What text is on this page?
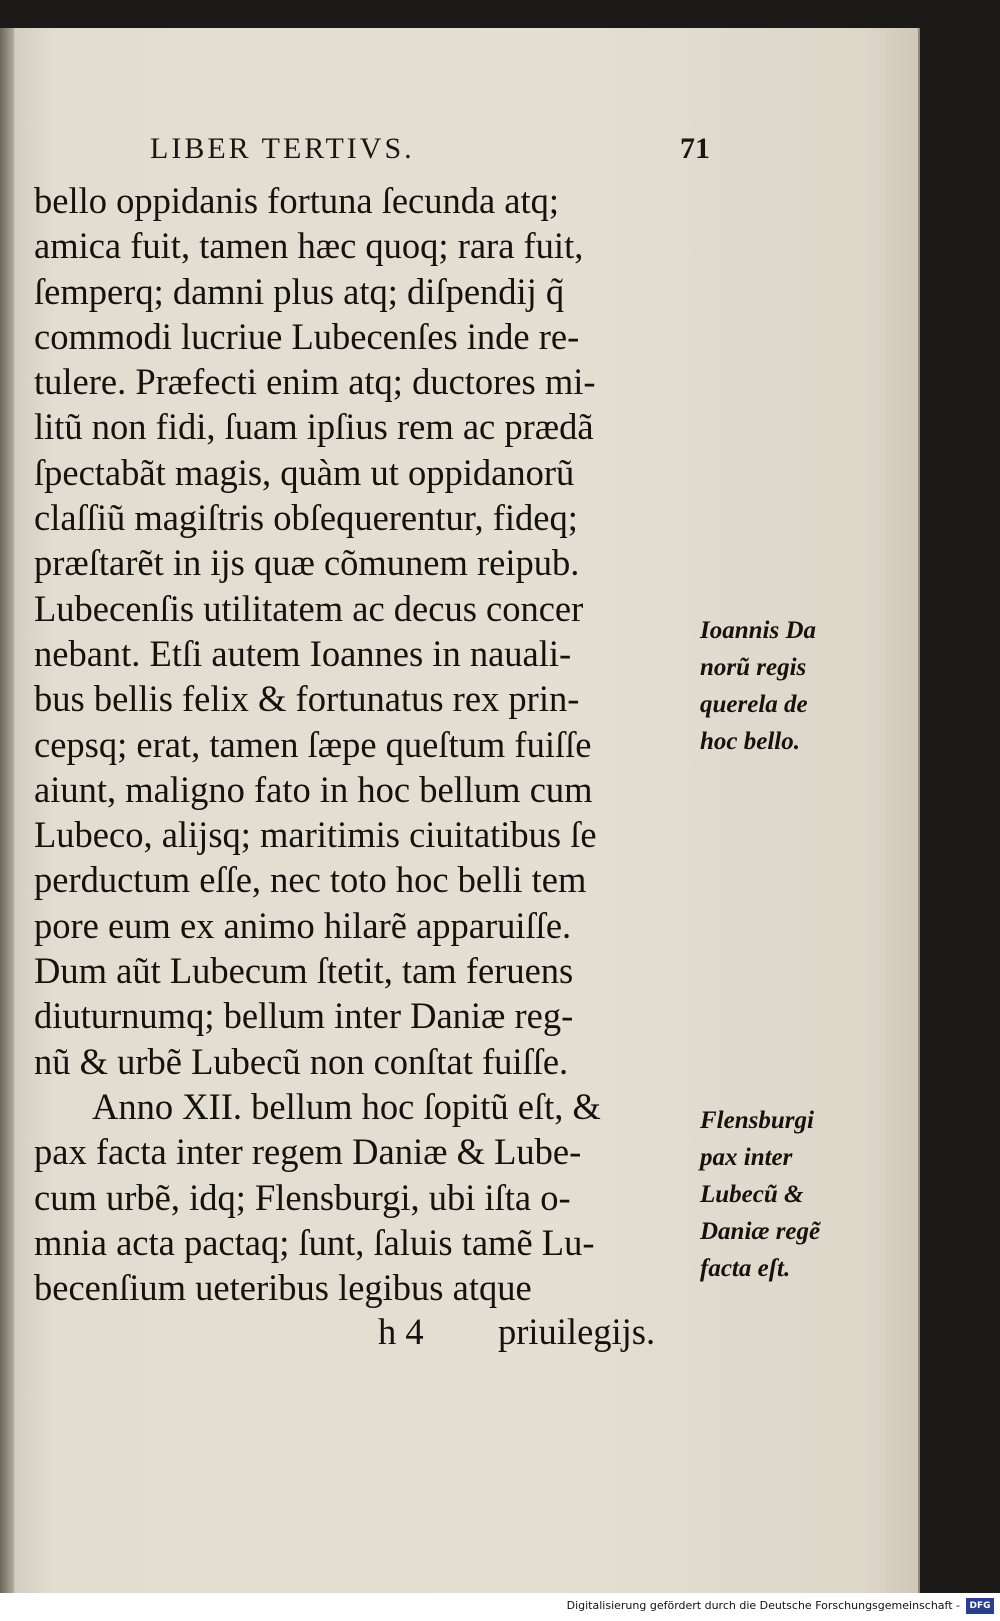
LIBER TERTIVS.	71
bello oppidanis fortuna ſecunda atq;
amica fuit, tamen hæc quoq; rara fuit,
ſemperq; damni plus atq; diſpendij q̃
commodi lucriue Lubecenſes inde re-
tulere. Præfecti enim atq; ductores mi-
litũ non fidi, ſuam ipſius rem ac prædã
ſpectabãt magis, quàm ut oppidanorũ
claſſiũ magiſtris obſequerentur, fideq;
præſtarẽt in ijs quæ cõmunem reipub.
Lubecenſis utilitatem ac decus concer
nebant. Etſi autem Ioannes in nauali-
bus bellis felix & fortunatus rex prin-
cepsq; erat, tamen ſæpe queſtum fuiſſe
aiunt, maligno fato in hoc bellum cum
Lubeco, alijsq; maritimis ciuitatibus ſe
perductum eſſe, nec toto hoc belli tem
pore eum ex animo hilarẽ apparuiſſe.
Dum aũt Lubecum ſtetit, tam feruens
diuturnumq; bellum inter Daniæ reg-
nũ & urbẽ Lubecũ non conſtat fuiſſe.
Anno XII. bellum hoc ſopitũ eſt, &
pax facta inter regem Daniæ & Lube-
cum urbẽ, idq; Flensburgi, ubi iſta o-
mnia acta pactaq; ſunt, ſaluis tamẽ Lu-
becenſium ueteribus legibus atque
h 4 priuilegijs.
Ioannis Da
norũ regis
querela de
hoc bello.
Flensburgi
pax inter
Lubecũ &
Daniæ regẽ
facta eſt.
Digitalisierung gefördert durch die Deutsche Forschungsgemeinschaft -	DFG
